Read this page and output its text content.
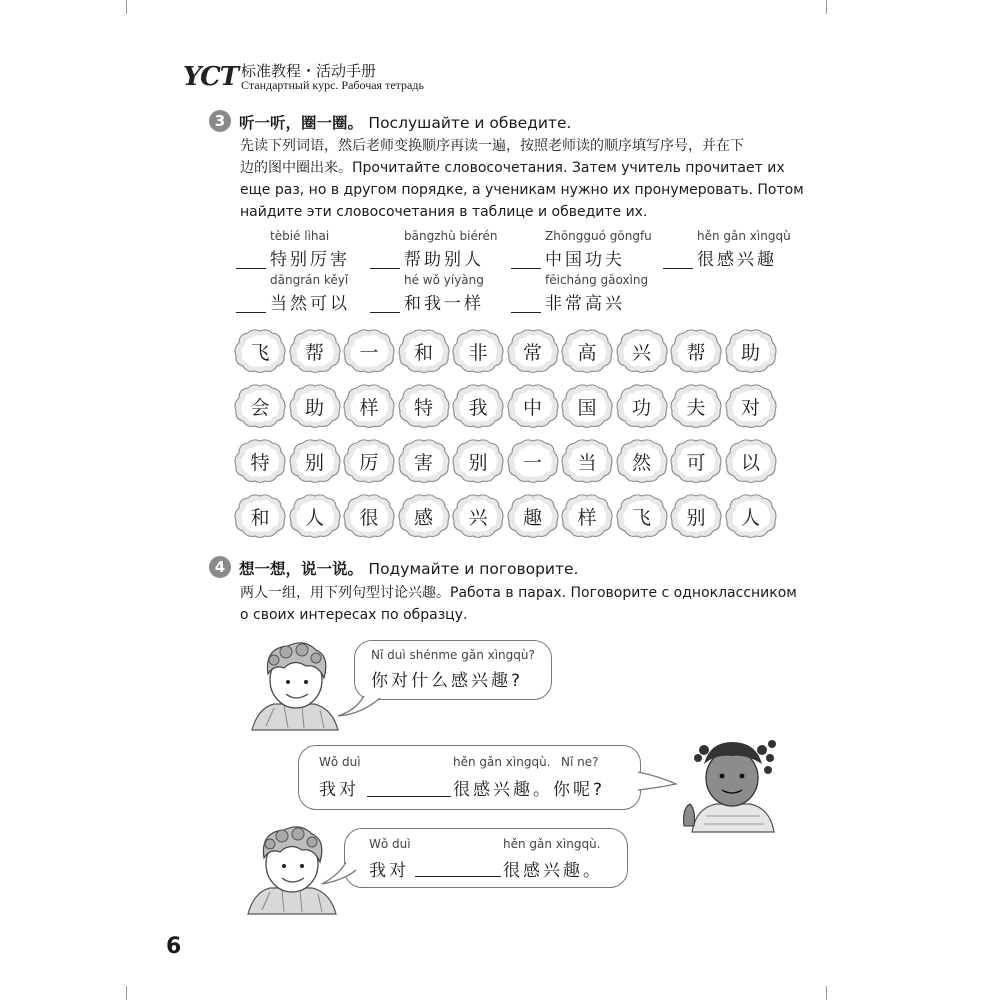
YCT 标准教程・活动手册
Стандартный курс. Рабочая тетрадь
3 听一听，圈一圈。 Послушайте и обведите.
先读下列词语，然后老师变换顺序再读一遍，按照老师读的顺序填写序号，并在下
边的图中圈出来。Прочитайте словосочетания. Затем учитель прочитает их
еще раз, но в другом порядке, а ученикам нужно их пронумеровать. Потом
найдите эти словосочетания в таблице и обведите их.
tèbié lìhai
特别厉害
bāngzhù biérén
帮助别人
Zhōngguó gōngfu
中国功夫
hěn gǎn xìngqù
很感兴趣
dāngrán kěyǐ
当然可以
hé wǒ yíyàng
和我一样
fēicháng gāoxìng
非常高兴
飞	帮	一	和	非	常	高	兴	帮	助
会	助	样	特	我	中	国	功	夫	对
特	别	厉	害	别	一	当	然	可	以
和	人	很	感	兴	趣	样	飞	别	人
4 想一想，说一说。 Подумайте и поговорите.
两人一组，用下列句型讨论兴趣。Работа в парах. Поговорите с одноклассником
о своих интересах по образцу.
Nǐ duì shénme gǎn xìngqù?
你对什么感兴趣?
Wǒ duì	hěn gǎn xìngqù. Nǐ ne?
我对	很感兴趣。你呢?
Wǒ duì	hěn gǎn xìngqù.
我对	很感兴趣。
6
